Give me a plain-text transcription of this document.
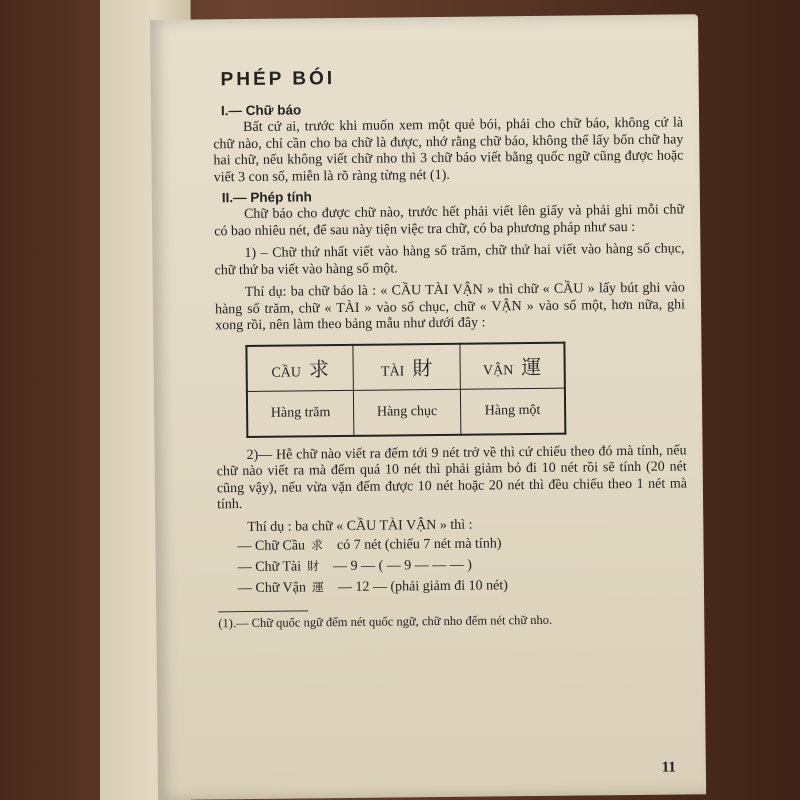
PHÉP BÓI
I.— Chữ báo

Bất cứ ai, trước khi muốn xem một quẻ bói, phải cho chữ báo, không cứ là chữ nào, chỉ cần cho ba chữ là được, nhớ rằng chữ báo, không thể lấy bốn chữ hay hai chữ, nếu không viết chữ nho thì 3 chữ báo viết bằng quốc ngữ cũng được hoặc viết 3 con số, miễn là rõ ràng từng nét (1).

II.— Phép tính

Chữ báo cho được chữ nào, trước hết phải viết lên giấy và phải ghi mỗi chữ có bao nhiêu nét, để sau này tiện việc tra chữ, có ba phương pháp như sau :

1) – Chữ thứ nhất viết vào hàng số trăm, chữ thứ hai viết vào hàng số chục, chữ thứ ba viết vào hàng số một.

Thí dụ: ba chữ báo là : « CẦU TÀI VẬN » thì chữ « CẦU » lấy bút ghi vào hàng số trăm, chữ « TÀI » vào số chục, chữ « VẬN » vào số một, hơn nữa, ghi xong rồi, nên làm theo bảng mẫu như dưới đây :

CẦU 求	TÀI 財	VẬN 運
Hàng trăm	Hàng chục	Hàng một

2)— Hễ chữ nào viết ra đếm tới 9 nét trở về thì cứ chiếu theo đó mà tính, nếu chữ nào viết ra mà đếm quá 10 nét thì phải giảm bỏ đi 10 nét rồi sẽ tính (20 nét cũng vậy), nếu vừa vặn đếm được 10 nét hoặc 20 nét thì đều chiếu theo 1 nét mà tính.

Thí dụ : ba chữ « CẦU TÀI VẬN » thì :

— Chữ Cầu 求 có 7 nét (chiếu 7 nét mà tính)
— Chữ Tài 財 — 9 — ( — 9 — — — )
— Chữ Vận 運 — 12 — (phải giảm đi 10 nét)
(1).— Chữ quốc ngữ đếm nét quốc ngữ, chữ nho đếm nét chữ nho.
11
